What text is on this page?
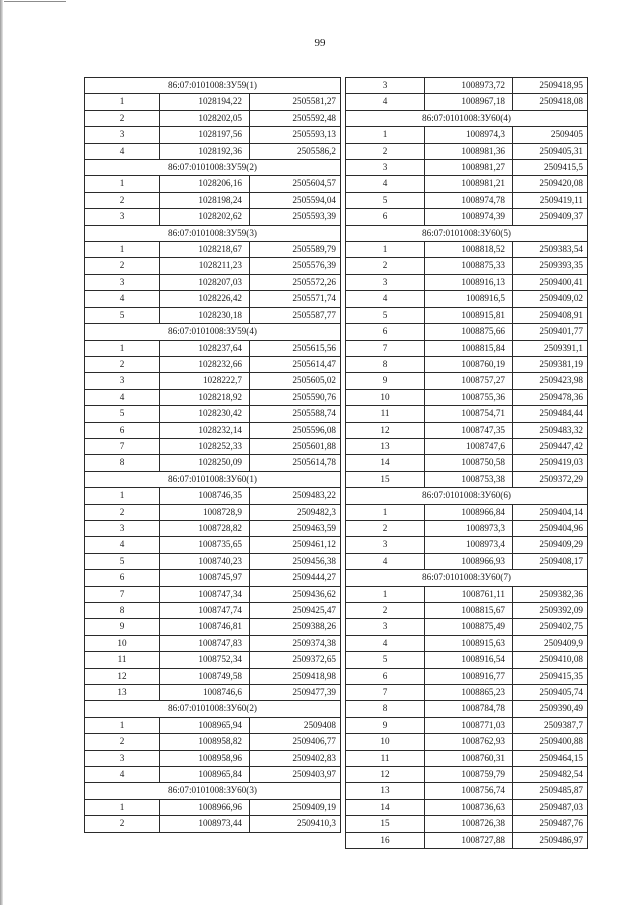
99
86:07:0101008:ЗУ59(1)		
1	1028194,22	2505581,27
2	1028202,05	2505592,48
3	1028197,56	2505593,13
4	1028192,36	2505586,2
86:07:0101008:ЗУ59(2)		
1	1028206,16	2505604,57
2	1028198,24	2505594,04
3	1028202,62	2505593,39
86:07:0101008:ЗУ59(3)		
1	1028218,67	2505589,79
2	1028211,23	2505576,39
3	1028207,03	2505572,26
4	1028226,42	2505571,74
5	1028230,18	2505587,77
86:07:0101008:ЗУ59(4)		
1	1028237,64	2505615,56
2	1028232,66	2505614,47
3	1028222,7	2505605,02
4	1028218,92	2505590,76
5	1028230,42	2505588,74
6	1028232,14	2505596,08
7	1028252,33	2505601,88
8	1028250,09	2505614,78
86:07:0101008:ЗУ60(1)		
1	1008746,35	2509483,22
2	1008728,9	2509482,3
3	1008728,82	2509463,59
4	1008735,65	2509461,12
5	1008740,23	2509456,38
6	1008745,97	2509444,27
7	1008747,34	2509436,62
8	1008747,74	2509425,47
9	1008746,81	2509388,26
10	1008747,83	2509374,38
11	1008752,34	2509372,65
12	1008749,58	2509418,98
13	1008746,6	2509477,39
86:07:0101008:ЗУ60(2)		
1	1008965,94	2509408
2	1008958,82	2509406,77
3	1008958,96	2509402,83
4	1008965,84	2509403,97
86:07:0101008:ЗУ60(3)		
1	1008966,96	2509409,19
2	1008973,44	2509410,3
3	1008973,72	2509418,95
4	1008967,18	2509418,08
86:07:0101008:ЗУ60(4)		
1	1008974,3	2509405
2	1008981,36	2509405,31
3	1008981,27	2509415,5
4	1008981,21	2509420,08
5	1008974,78	2509419,11
6	1008974,39	2509409,37
86:07:0101008:ЗУ60(5)		
1	1008818,52	2509383,54
2	1008875,33	2509393,35
3	1008916,13	2509400,41
4	1008916,5	2509409,02
5	1008915,81	2509408,91
6	1008875,66	2509401,77
7	1008815,84	2509391,1
8	1008760,19	2509381,19
9	1008757,27	2509423,98
10	1008755,36	2509478,36
11	1008754,71	2509484,44
12	1008747,35	2509483,32
13	1008747,6	2509447,42
14	1008750,58	2509419,03
15	1008753,38	2509372,29
86:07:0101008:ЗУ60(6)		
1	1008966,84	2509404,14
2	1008973,3	2509404,96
3	1008973,4	2509409,29
4	1008966,93	2509408,17
86:07:0101008:ЗУ60(7)		
1	1008761,11	2509382,36
2	1008815,67	2509392,09
3	1008875,49	2509402,75
4	1008915,63	2509409,9
5	1008916,54	2509410,08
6	1008916,77	2509415,35
7	1008865,23	2509405,74
8	1008784,78	2509390,49
9	1008771,03	2509387,7
10	1008762,93	2509400,88
11	1008760,31	2509464,15
12	1008759,79	2509482,54
13	1008756,74	2509485,87
14	1008736,63	2509487,03
15	1008726,38	2509487,76
16	1008727,88	2509486,97
